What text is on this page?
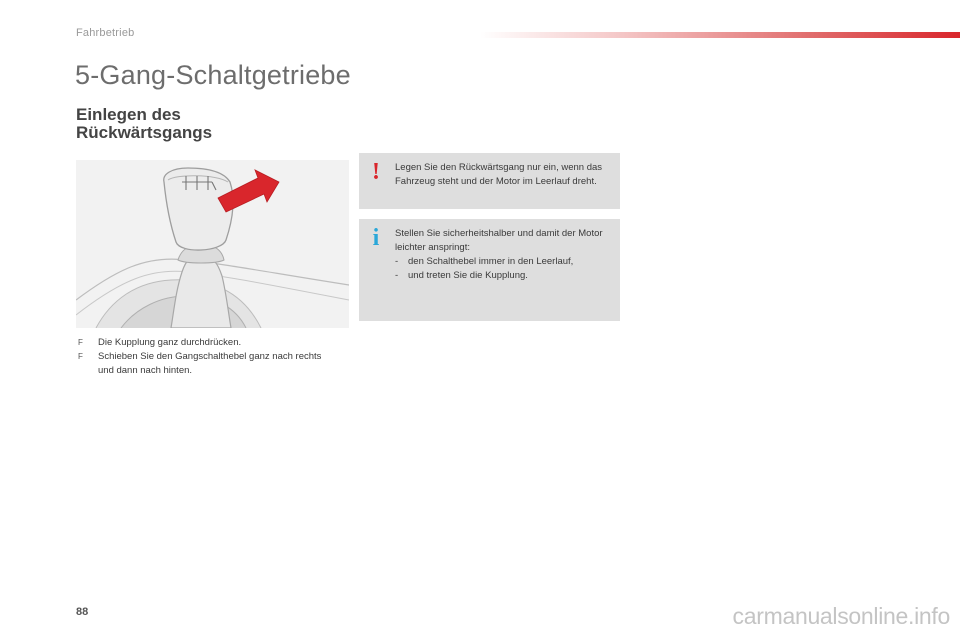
Fahrbetrieb
5-Gang-Schaltgetriebe
Einlegen des
Rückwärtsgangs
F Die Kupplung ganz durchdrücken.
F Schieben Sie den Gangschalthebel ganz nach rechts und dann nach hinten.
!	Legen Sie den Rückwärtsgang nur ein, wenn das Fahrzeug steht und der Motor im Leerlauf dreht.

i	Stellen Sie sicherheitshalber und damit der Motor leichter anspringt:

- den Schalthebel immer in den Leerlauf,
- und treten Sie die Kupplung.
88	carmanualsonline.info
